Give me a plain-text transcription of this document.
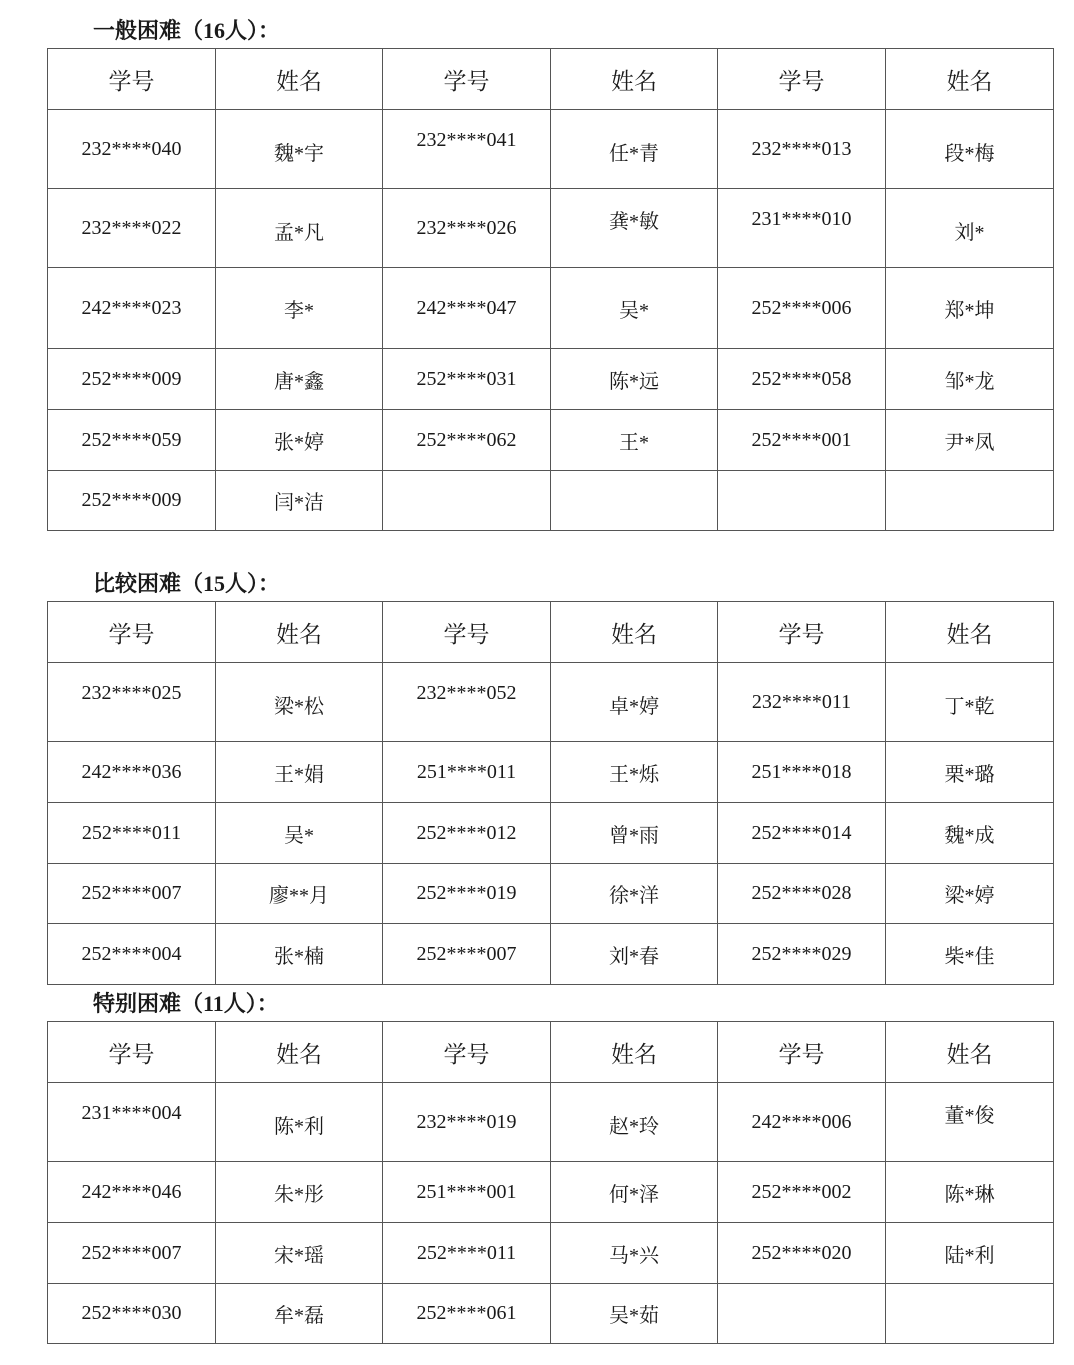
一般困难（16人）：
学号	姓名	学号	姓名	学号	姓名
232****040	魏*宇	232****041	任*青	232****013	段*梅
232****022	孟*凡	232****026	龚*敏	231****010	刘*
242****023	李*	242****047	吴*	252****006	郑*坤
252****009	唐*鑫	252****031	陈*远	252****058	邹*龙
252****059	张*婷	252****062	王*	252****001	尹*凤
252****009	闫*洁				
比较困难（15人）：
学号	姓名	学号	姓名	学号	姓名
232****025	梁*松	232****052	卓*婷	232****011	丁*乾
242****036	王*娟	251****011	王*烁	251****018	栗*璐
252****011	吴*	252****012	曾*雨	252****014	魏*成
252****007	廖**月	252****019	徐*洋	252****028	梁*婷
252****004	张*楠	252****007	刘*春	252****029	柴*佳
特别困难（11人）：
学号	姓名	学号	姓名	学号	姓名
231****004	陈*利	232****019	赵*玲	242****006	董*俊
242****046	朱*彤	251****001	何*泽	252****002	陈*琳
252****007	宋*瑶	252****011	马*兴	252****020	陆*利
252****030	牟*磊	252****061	吴*茹		
